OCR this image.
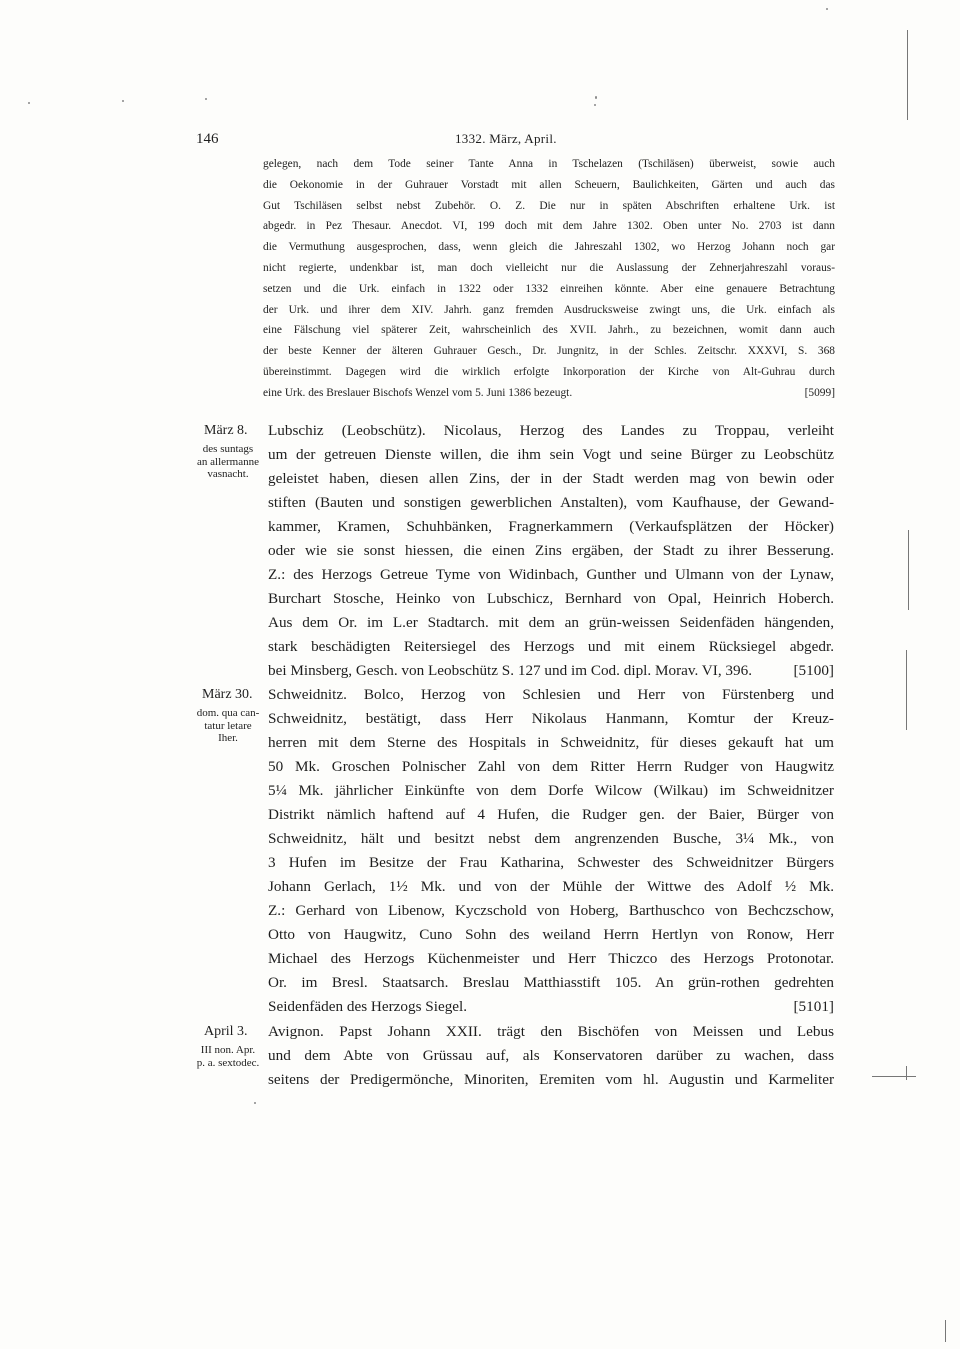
146	1332. März, April.
gelegen, nach dem Tode seiner Tante Anna in Tschelazen (Tschiläsen) überweist, sowie auch
die Oekonomie in der Guhrauer Vorstadt mit allen Scheuern, Baulichkeiten, Gärten und auch das
Gut Tschiläsen selbst nebst Zubehör. O. Z. Die nur in späten Abschriften erhaltene Urk. ist
abgedr. in Pez Thesaur. Anecdot. VI, 199 doch mit dem Jahre 1302. Oben unter No. 2703 ist dann
die Vermuthung ausgesprochen, dass, wenn gleich die Jahreszahl 1302, wo Herzog Johann noch gar
nicht regierte, undenkbar ist, man doch vielleicht nur die Auslassung der Zehnerjahreszahl voraus-
setzen und die Urk. einfach in 1322 oder 1332 einreihen könnte. Aber eine genauere Betrachtung
der Urk. und ihrer dem XIV. Jahrh. ganz fremden Ausdrucksweise zwingt uns, die Urk. einfach als
eine Fälschung viel späterer Zeit, wahrscheinlich des XVII. Jahrh., zu bezeichnen, womit dann auch
der beste Kenner der älteren Guhrauer Gesch., Dr. Jungnitz, in der Schles. Zeitschr. XXXVI, S. 368
übereinstimmt. Dagegen wird die wirklich erfolgte Inkorporation der Kirche von Alt-Guhrau durch
eine Urk. des Breslauer Bischofs Wenzel vom 5. Juni 1386 bezeugt.	[5099]
März 8.
des suntags
an allermanne
vasnacht.
Lubschiz (Leobschütz). Nicolaus, Herzog des Landes zu Troppau, verleiht
um der getreuen Dienste willen, die ihm sein Vogt und seine Bürger zu Leobschütz
geleistet haben, diesen allen Zins, der in der Stadt werden mag von bewin oder
stiften (Bauten und sonstigen gewerblichen Anstalten), vom Kaufhause, der Gewand-
kammer, Kramen, Schuhbänken, Fragnerkammern (Verkaufsplätzen der Höcker)
oder wie sie sonst hiessen, die einen Zins ergäben, der Stadt zu ihrer Besserung.
Z.: des Herzogs Getreue Tyme von Widinbach, Gunther und Ulmann von der Lynaw,
Burchart Stosche, Heinko von Lubschicz, Bernhard von Opal, Heinrich Hoberch.
Aus dem Or. im L.er Stadtarch. mit dem an grün-weissen Seidenfäden hängenden,
stark beschädigten Reitersiegel des Herzogs und mit einem Rücksiegel abgedr.
bei Minsberg, Gesch. von Leobschütz S. 127 und im Cod. dipl. Morav. VI, 396.	[5100]
März 30.
dom. qua can-
tatur letare
Iher.
Schweidnitz. Bolco, Herzog von Schlesien und Herr von Fürstenberg und
Schweidnitz, bestätigt, dass Herr Nikolaus Hanmann, Komtur der Kreuz-
herren mit dem Sterne des Hospitals in Schweidnitz, für dieses gekauft hat um
50 Mk. Groschen Polnischer Zahl von dem Ritter Herrn Rudger von Haugwitz
5¼ Mk. jährlicher Einkünfte von dem Dorfe Wilcow (Wilkau) im Schweidnitzer
Distrikt nämlich haftend auf 4 Hufen, die Rudger gen. der Baier, Bürger von
Schweidnitz, hält und besitzt nebst dem angrenzenden Busche, 3¼ Mk., von
3 Hufen im Besitze der Frau Katharina, Schwester des Schweidnitzer Bürgers
Johann Gerlach, 1½ Mk. und von der Mühle der Wittwe des Adolf ½ Mk.
Z.: Gerhard von Libenow, Kyczschold von Hoberg, Barthuschco von Bechczschow,
Otto von Haugwitz, Cuno Sohn des weiland Herrn Hertlyn von Ronow, Herr
Michael des Herzogs Küchenmeister und Herr Thiczco des Herzogs Protonotar.
Or. im Bresl. Staatsarch. Breslau Matthiasstift 105. An grün-rothen gedrehten
Seidenfäden des Herzogs Siegel.	[5101]
April 3.
III non. Apr.
p. a. sextodec.
Avignon. Papst Johann XXII. trägt den Bischöfen von Meissen und Lebus
und dem Abte von Grüssau auf, als Konservatoren darüber zu wachen, dass
seitens der Predigermönche, Minoriten, Eremiten vom hl. Augustin und Karmeliter
